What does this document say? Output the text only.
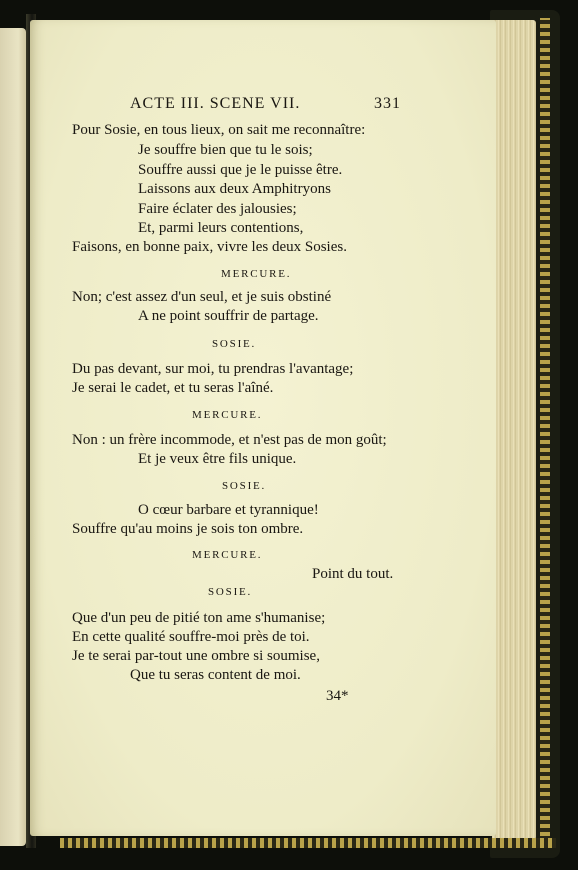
ACTE III. SCENE VII.	331
Pour Sosie, en tous lieux, on sait me reconnaître:
Je souffre bien que tu le sois;
Souffre aussi que je le puisse être.
Laissons aux deux Amphitryons
Faire éclater des jalousies;
Et, parmi leurs contentions,
Faisons, en bonne paix, vivre les deux Sosies.
MERCURE.
Non; c'est assez d'un seul, et je suis obstiné
A ne point souffrir de partage.
SOSIE.
Du pas devant, sur moi, tu prendras l'avantage;
Je serai le cadet, et tu seras l'aîné.
MERCURE.
Non : un frère incommode, et n'est pas de mon goût;
Et je veux être fils unique.
SOSIE.
O cœur barbare et tyrannique!
Souffre qu'au moins je sois ton ombre.
MERCURE.
Point du tout.
SOSIE.
Que d'un peu de pitié ton ame s'humanise;
En cette qualité souffre-moi près de toi.
Je te serai par-tout une ombre si soumise,
Que tu seras content de moi.
34*
